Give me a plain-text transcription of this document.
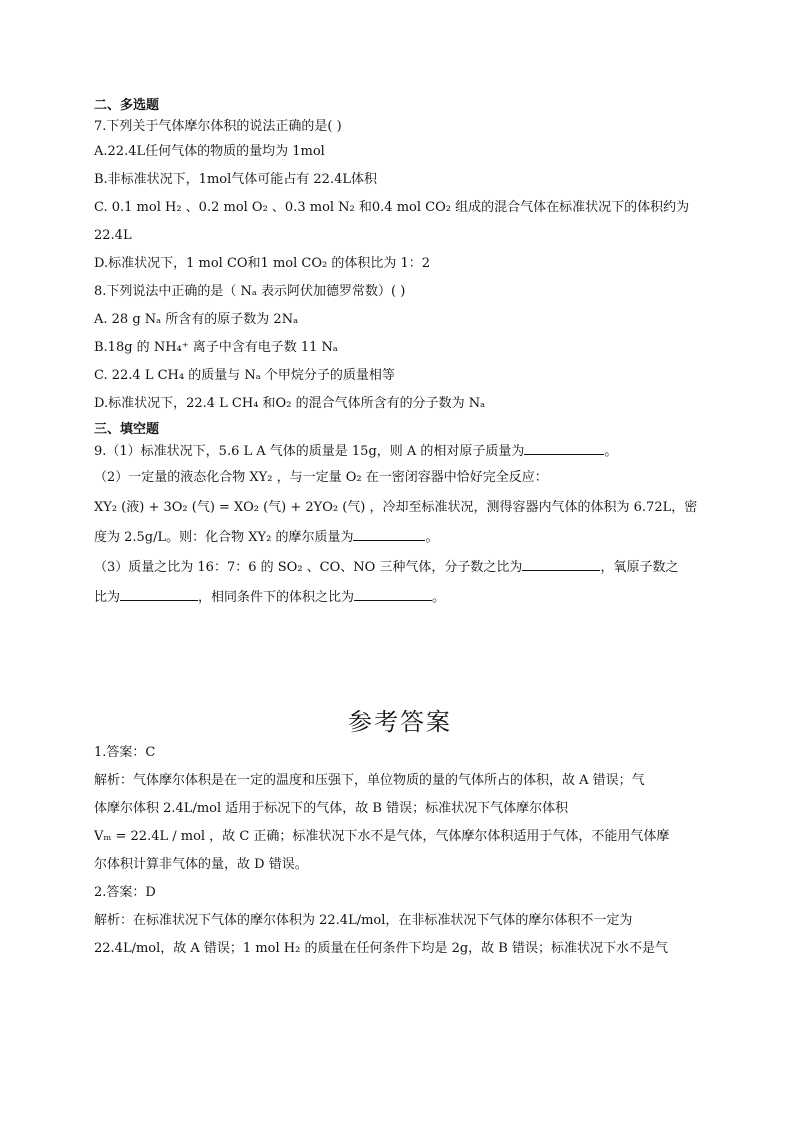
二、多选题
7.下列关于气体摩尔体积的说法正确的是( )
A.22.4L任何气体的物质的量均为 1mol
B.非标准状况下，1mol气体可能占有 22.4L体积
C. 0.1 mol H₂ 、0.2 mol O₂ 、0.3 mol N₂ 和0.4 mol CO₂ 组成的混合气体在标准状况下的体积约为
22.4L
D.标准状况下，1 mol CO和1 mol CO₂ 的体积比为 1：2
8.下列说法中正确的是（ Nₐ 表示阿伏加德罗常数）( )
A. 28 g Nₐ 所含有的原子数为 2Nₐ
B.18g 的 NH₄⁺ 离子中含有电子数 11 Nₐ
C. 22.4 L CH₄ 的质量与 Nₐ 个甲烷分子的质量相等
D.标准状况下，22.4 L CH₄ 和O₂ 的混合气体所含有的分子数为 Nₐ
三、填空题
9.（1）标准状况下，5.6 L A 气体的质量是 15g，则 A 的相对原子质量为	。
（2）一定量的液态化合物 XY₂ ，与一定量 O₂ 在一密闭容器中恰好完全反应：
XY₂ (液) + 3O₂ (气) = XO₂ (气) + 2YO₂ (气) ，冷却至标准状况，测得容器内气体的体积为 6.72L，密
度为 2.5g/L。则：化合物 XY₂ 的摩尔质量为	。
（3）质量之比为 16：7：6 的 SO₂ 、CO、NO 三种气体，分子数之比为	，氧原子数之
比为	，相同条件下的体积之比为	。
参考答案
1.答案：C
解析：气体摩尔体积是在一定的温度和压强下，单位物质的量的气体所占的体积，故 A 错误；气
体摩尔体积 2.4L/mol 适用于标况下的气体，故 B 错误；标准状况下气体摩尔体积
Vₘ = 22.4L / mol ，故 C 正确；标准状况下水不是气体，气体摩尔体积适用于气体，不能用气体摩
尔体积计算非气体的量，故 D 错误。
2.答案：D
解析：在标准状况下气体的摩尔体积为 22.4L/mol，在非标准状况下气体的摩尔体积不一定为
22.4L/mol，故 A 错误；1 mol H₂ 的质量在任何条件下均是 2g，故 B 错误；标准状况下水不是气
